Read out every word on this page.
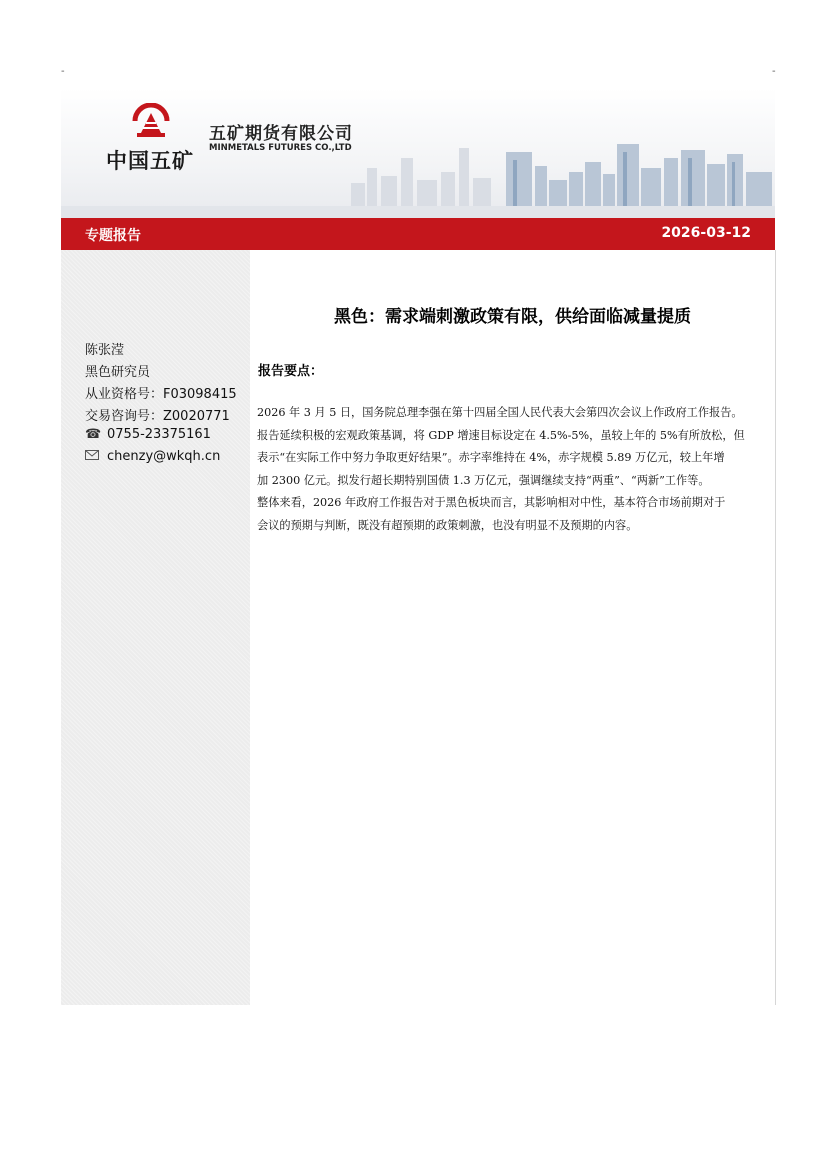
-	-
中国五矿
五矿期货有限公司
MINMETALS FUTURES CO.,LTD
专题报告	2026-03-12
陈张滢
黑色研究员
从业资格号：F03098415
交易咨询号：Z0020771
☎ 0755-23375161
chenzy@wkqh.cn
黑色：需求端刺激政策有限，供给面临减量提质
报告要点：

2026 年 3 月 5 日，国务院总理李强在第十四届全国人民代表大会第四次会议上作政府工作报告。
报告延续积极的宏观政策基调，将 GDP 增速目标设定在 4.5%-5%，虽较上年的 5%有所放松，但
表示“在实际工作中努力争取更好结果”。赤字率维持在 4%，赤字规模 5.89 万亿元，较上年增
加 2300 亿元。拟发行超长期特别国债 1.3 万亿元，强调继续支持“两重”、“两新”工作等。
整体来看，2026 年政府工作报告对于黑色板块而言，其影响相对中性，基本符合市场前期对于
会议的预期与判断，既没有超预期的政策刺激，也没有明显不及预期的内容。
